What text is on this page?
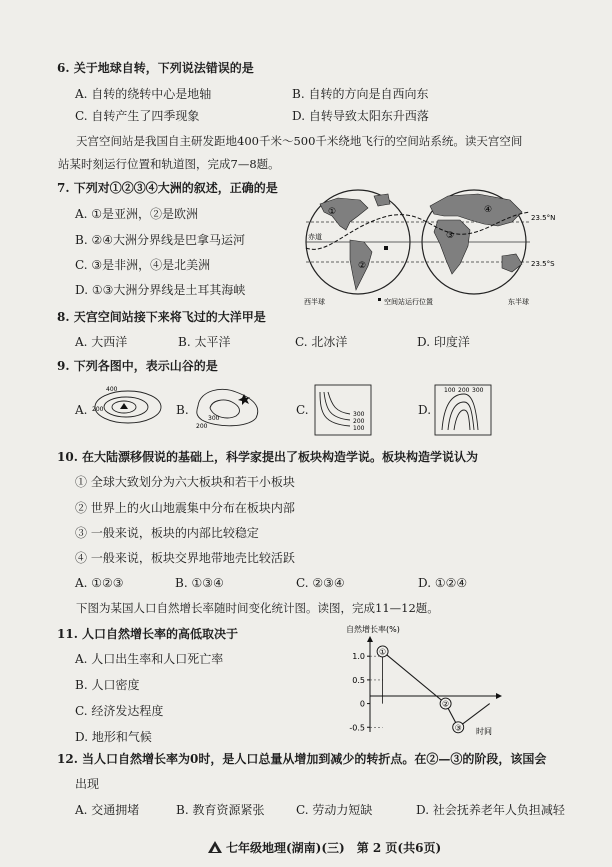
6. 关于地球自转，下列说法错误的是
A. 自转的绕转中心是地轴	B. 自转的方向是自西向东
C. 自转产生了四季现象	D. 自转导致太阳东升西落
天宫空间站是我国自主研发距地400千米～500千米绕地飞行的空间站系统。读天宫空间
站某时刻运行位置和轨道图，完成7—8题。
7. 下列对①②③④大洲的叙述，正确的是
A. ①是亚洲，②是欧洲
B. ②④大洲分界线是巴拿马运河
C. ③是非洲，④是北美洲
D. ①③大洲分界线是土耳其海峡
①
②
③
④
赤道
23.5°N
23.5°S
西半球	空间站运行位置	东半球
8. 天宫空间站接下来将飞过的大洋甲是
A. 大西洋	B. 太平洋	C. 北冰洋	D. 印度洋
9. 下列各图中，表示山谷的是
A.	B.	C.	D.
400
200
300
200
300
200
100
100 200 300
10. 在大陆漂移假说的基础上，科学家提出了板块构造学说。板块构造学说认为
① 全球大致划分为六大板块和若干小板块
② 世界上的火山地震集中分布在板块内部
③ 一般来说，板块的内部比较稳定
④ 一般来说，板块交界地带地壳比较活跃
A. ①②③	B. ①③④	C. ②③④	D. ①②④
下图为某国人口自然增长率随时间变化统计图。读图，完成11—12题。
11. 人口自然增长率的高低取决于
A. 人口出生率和人口死亡率
B. 人口密度
C. 经济发达程度
D. 地形和气候
自然增长率(%)
时间
1.0
0.5
0
-0.5
①
②
③
12. 当人口自然增长率为0时，是人口总量从增加到减少的转折点。在②—③的阶段，该国会
出现
A. 交通拥堵	B. 教育资源紧张	C. 劳动力短缺	D. 社会抚养老年人负担减轻
七年级地理(湖南)(三)　第 2 页(共6页)
